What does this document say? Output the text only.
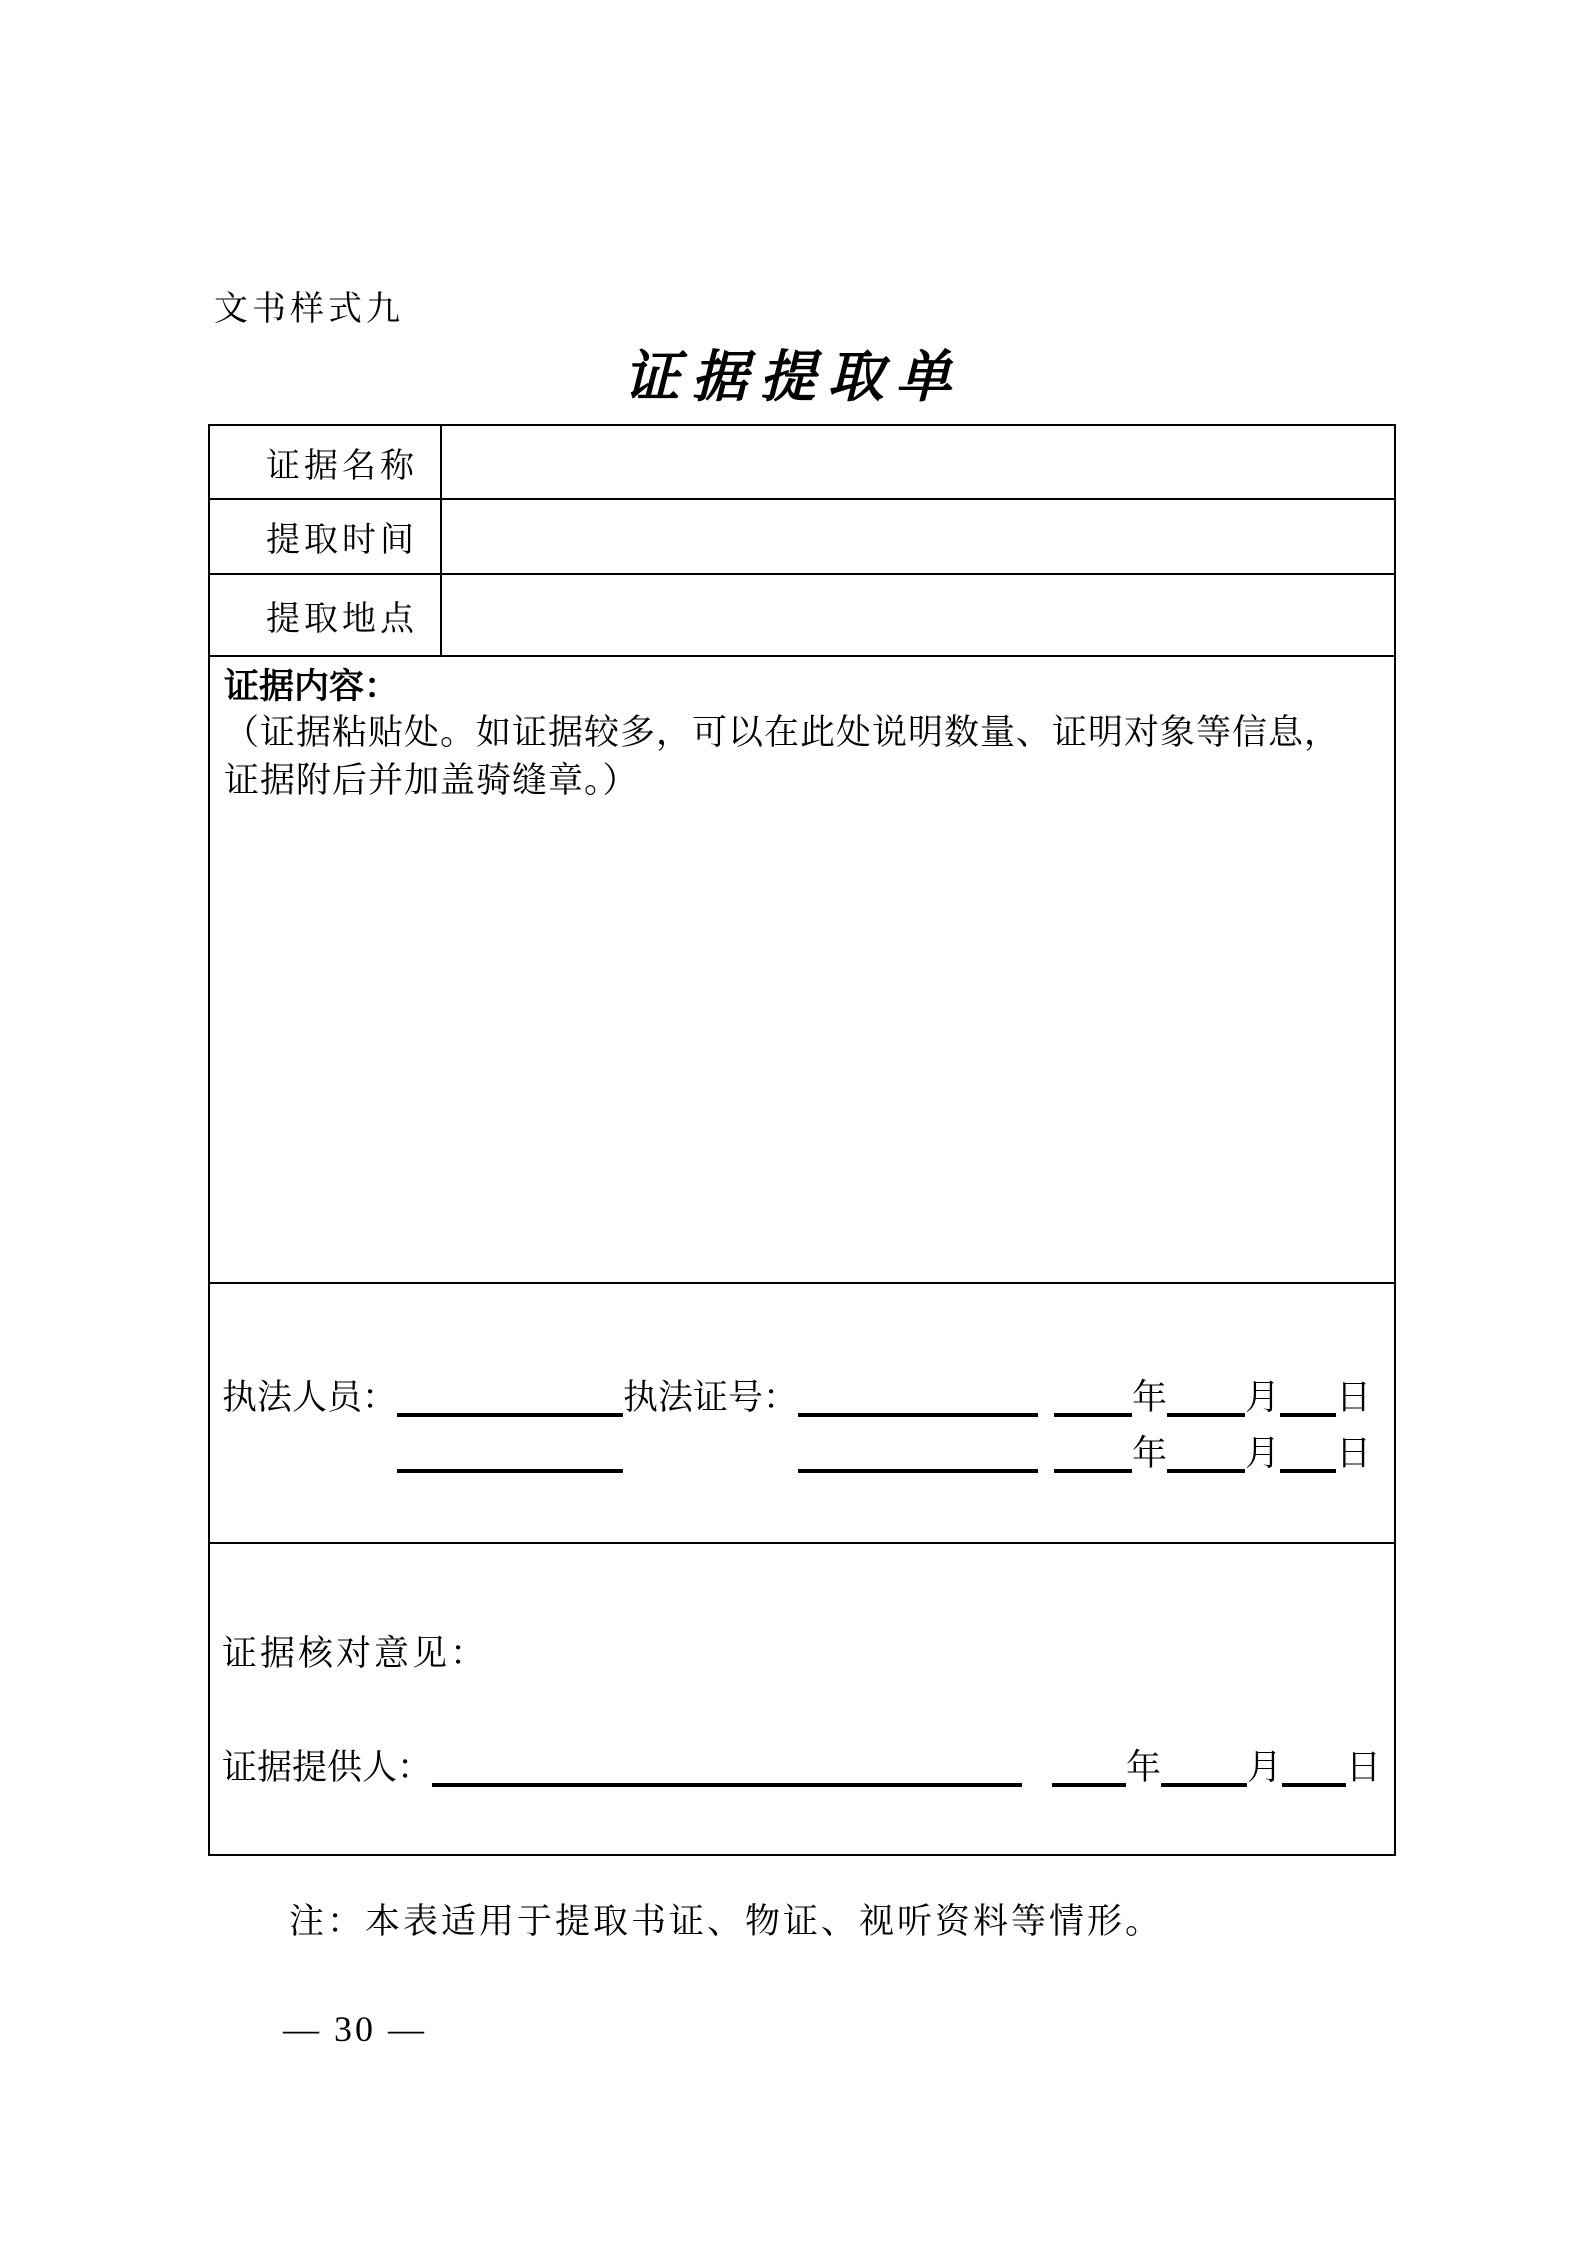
文书样式九
证据提取单
证据名称
提取时间
提取地点
证据内容：
（证据粘贴处。如证据较多，可以在此处说明数量、证明对象等信息，
证据附后并加盖骑缝章。）
执法人员：	执法证号：	年 月 日
年 月 日
证据核对意见：
证据提供人：	年 月 日
注：本表适用于提取书证、物证、视听资料等情形。
— 30 —
